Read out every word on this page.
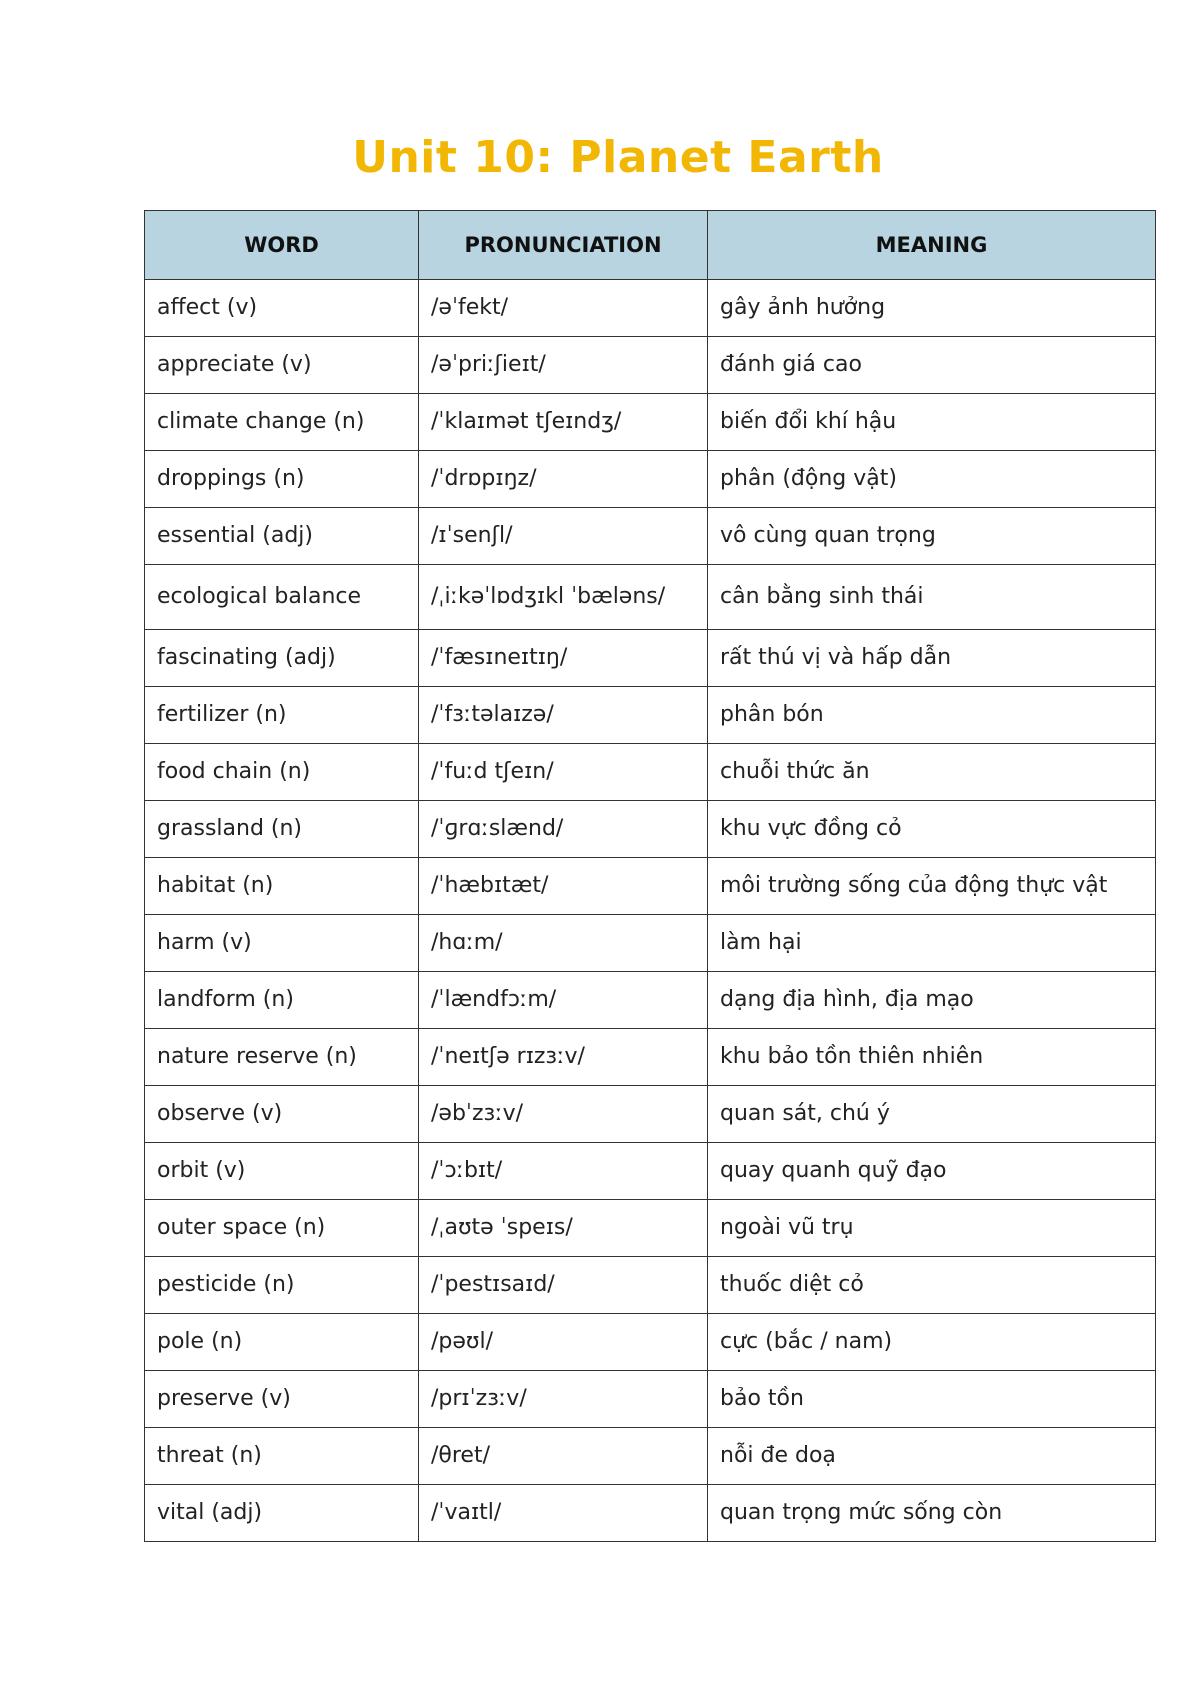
Unit 10: Planet Earth
WORD	PRONUNCIATION	MEANING
affect (v)	/əˈfekt/	gây ảnh hưởng
appreciate (v)	/əˈpriːʃieɪt/	đánh giá cao
climate change (n)	/ˈklaɪmət tʃeɪndʒ/	biến đổi khí hậu
droppings (n)	/ˈdrɒpɪŋz/	phân (động vật)
essential (adj)	/ɪˈsenʃl/	vô cùng quan trọng
ecological balance	/ˌiːkəˈlɒdʒɪkl ˈbæləns/	cân bằng sinh thái
fascinating (adj)	/ˈfæsɪneɪtɪŋ/	rất thú vị và hấp dẫn
fertilizer (n)	/ˈfɜːtəlaɪzə/	phân bón
food chain (n)	/ˈfuːd tʃeɪn/	chuỗi thức ăn
grassland (n)	/ˈɡrɑːslænd/	khu vực đồng cỏ
habitat (n)	/ˈhæbɪtæt/	môi trường sống của động thực vật
harm (v)	/hɑːm/	làm hại
landform (n)	/ˈlændfɔːm/	dạng địa hình, địa mạo
nature reserve (n)	/ˈneɪtʃə rɪzɜːv/	khu bảo tồn thiên nhiên
observe (v)	/əbˈzɜːv/	quan sát, chú ý
orbit (v)	/ˈɔːbɪt/	quay quanh quỹ đạo
outer space (n)	/ˌaʊtə ˈspeɪs/	ngoài vũ trụ
pesticide (n)	/ˈpestɪsaɪd/	thuốc diệt cỏ
pole (n)	/pəʊl/	cực (bắc / nam)
preserve (v)	/prɪˈzɜːv/	bảo tồn
threat (n)	/θret/	nỗi đe doạ
vital (adj)	/ˈvaɪtl/	quan trọng mức sống còn
